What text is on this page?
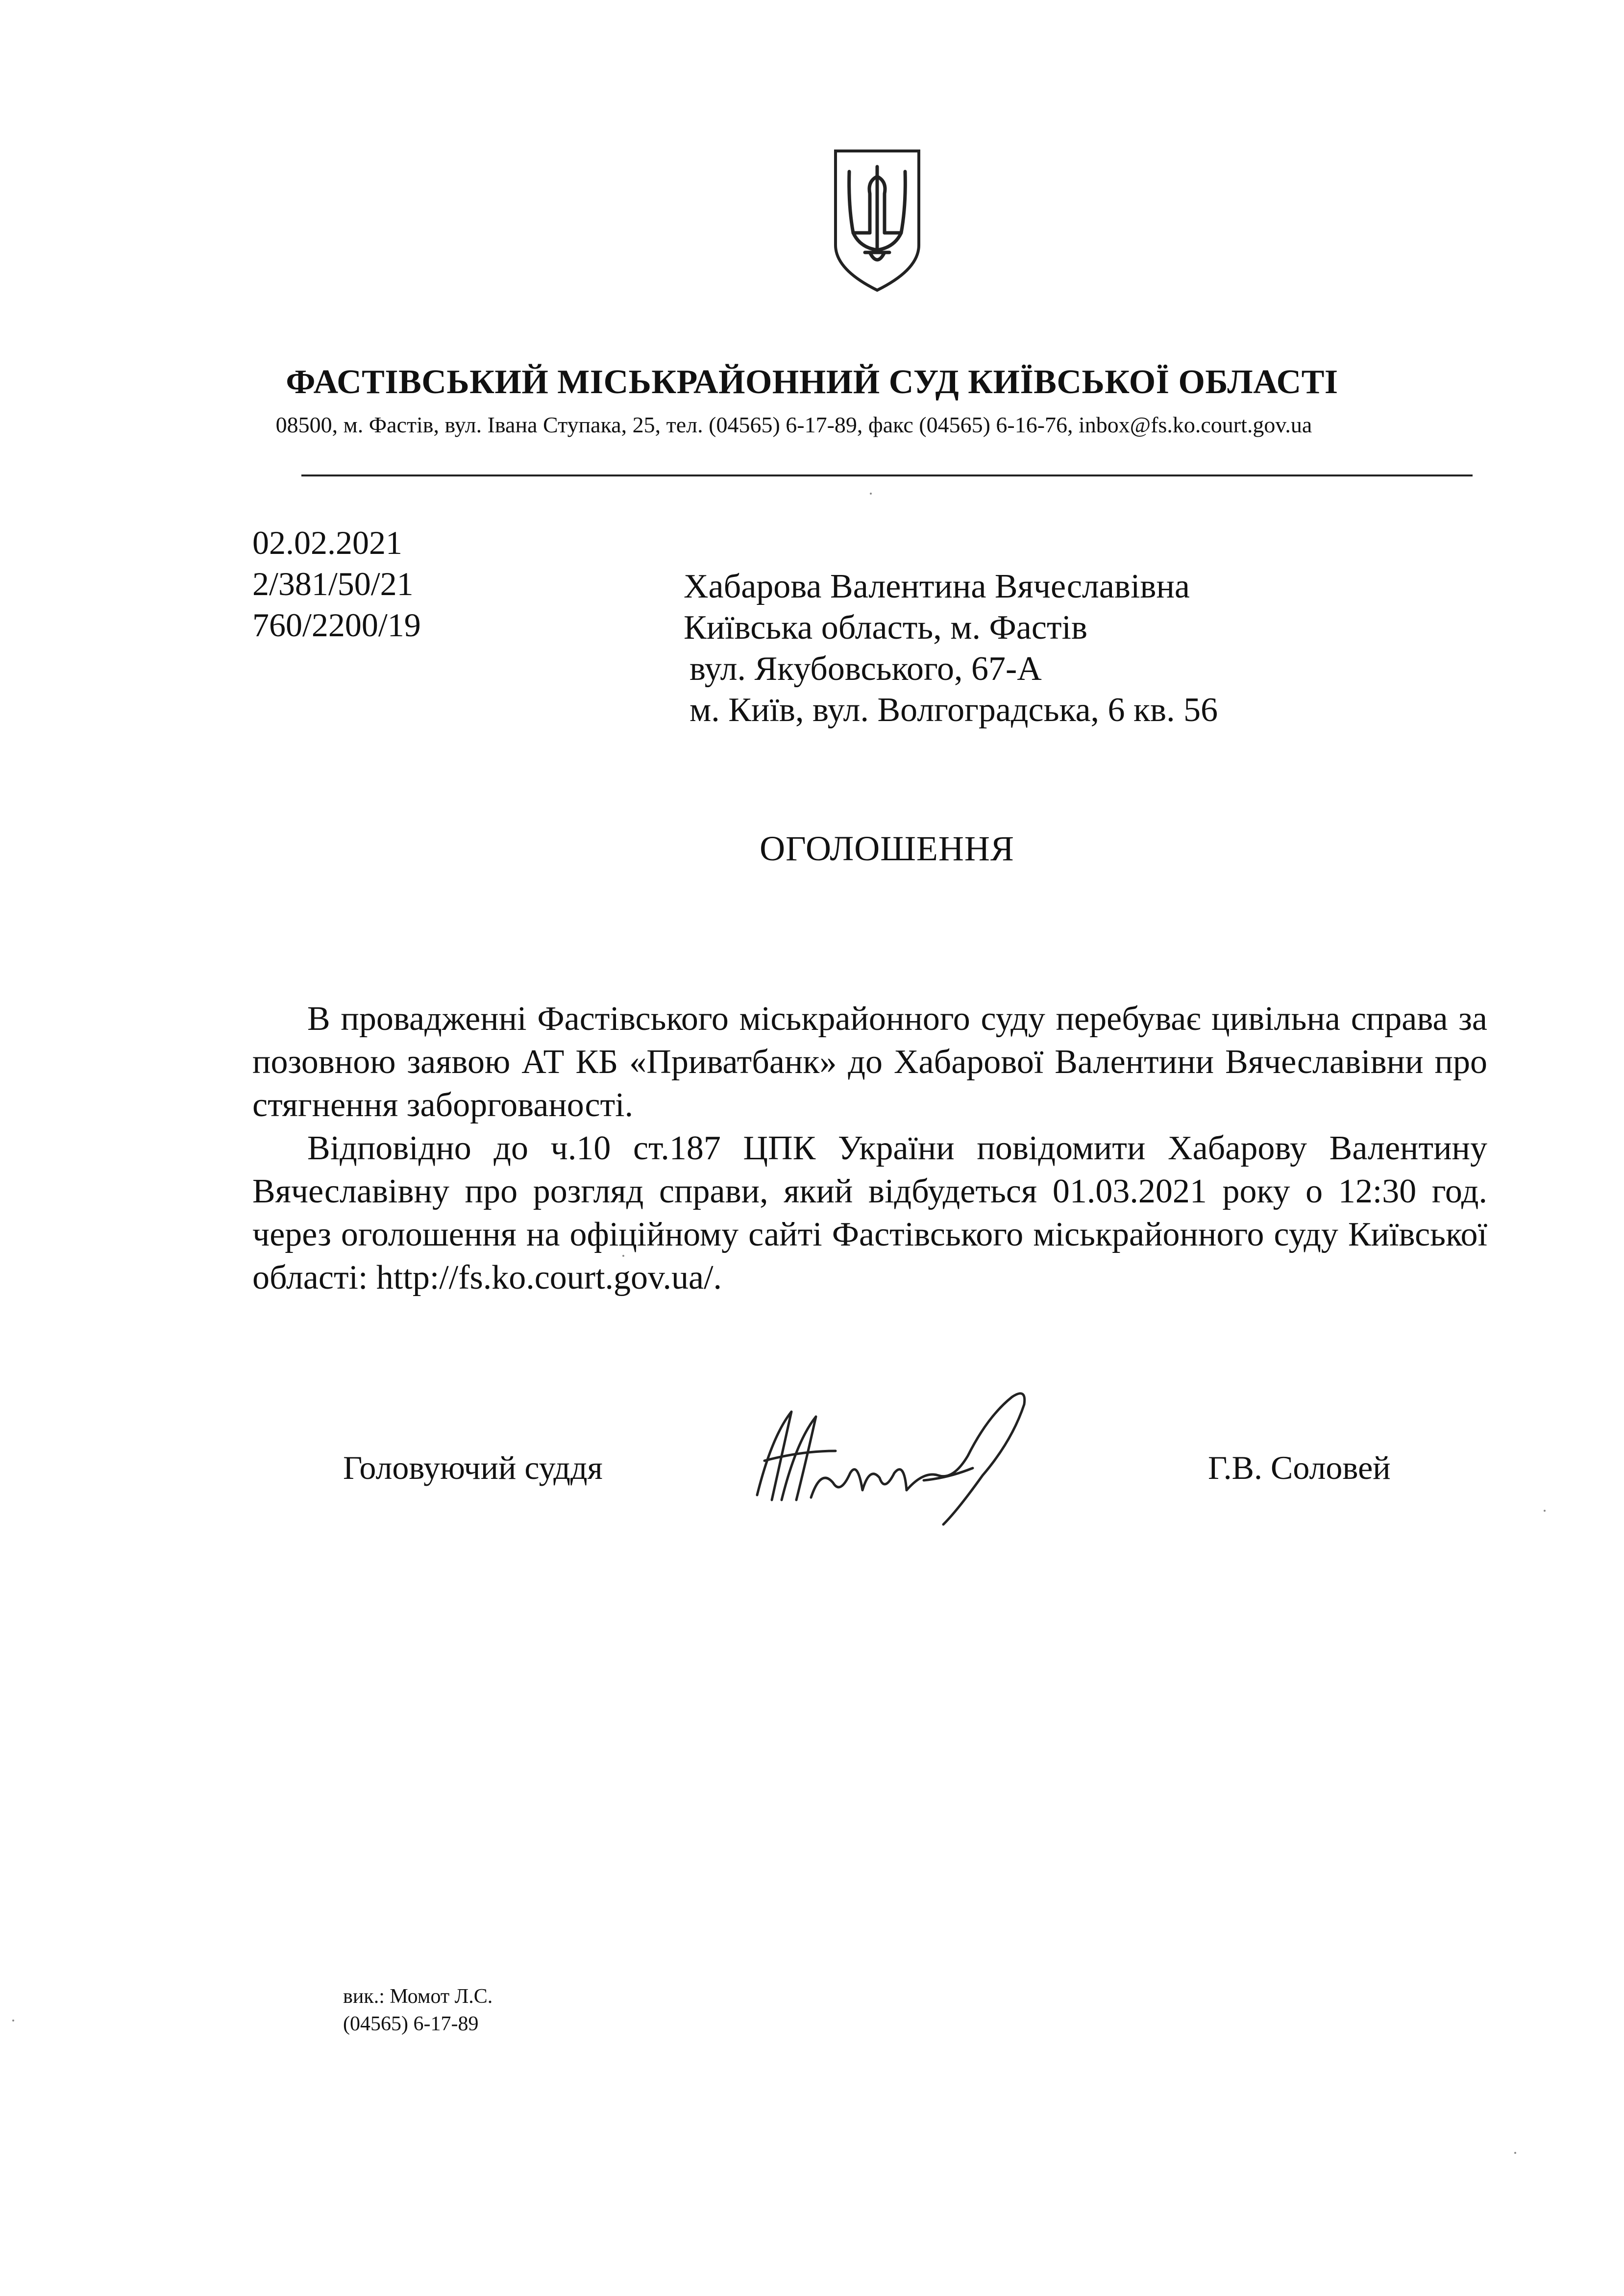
ФАСТІВСЬКИЙ МІСЬКРАЙОННИЙ СУД КИЇВСЬКОЇ ОБЛАСТІ
08500, м. Фастів, вул. Івана Ступака, 25, тел. (04565) 6-17-89, факс (04565) 6-16-76, inbox@fs.ko.court.gov.ua
02.02.2021
2/381/50/21
760/2200/19
Хабарова Валентина Вячеславівна
Київська область, м. Фастів
вул. Якубовського, 67-А
м. Київ, вул. Волгоградська, 6 кв. 56
ОГОЛОШЕННЯ

В провадженні Фастівського міськрайонного суду перебуває цивільна справа за позовною заявою АТ КБ «Приватбанк» до Хабарової Валентини Вячеславівни про стягнення заборгованості.

Відповідно до ч.10 ст.187 ЦПК України повідомити Хабарову Валентину Вячеславівну про розгляд справи, який відбудеться 01.03.2021 року о 12:30 год. через оголошення на офіційному сайті Фастівського міськрайонного суду Київської області: http://fs.ko.court.gov.ua/.

Головуючий суддя	Г.В. Соловей
вик.: Момот Л.С.
(04565) 6-17-89
